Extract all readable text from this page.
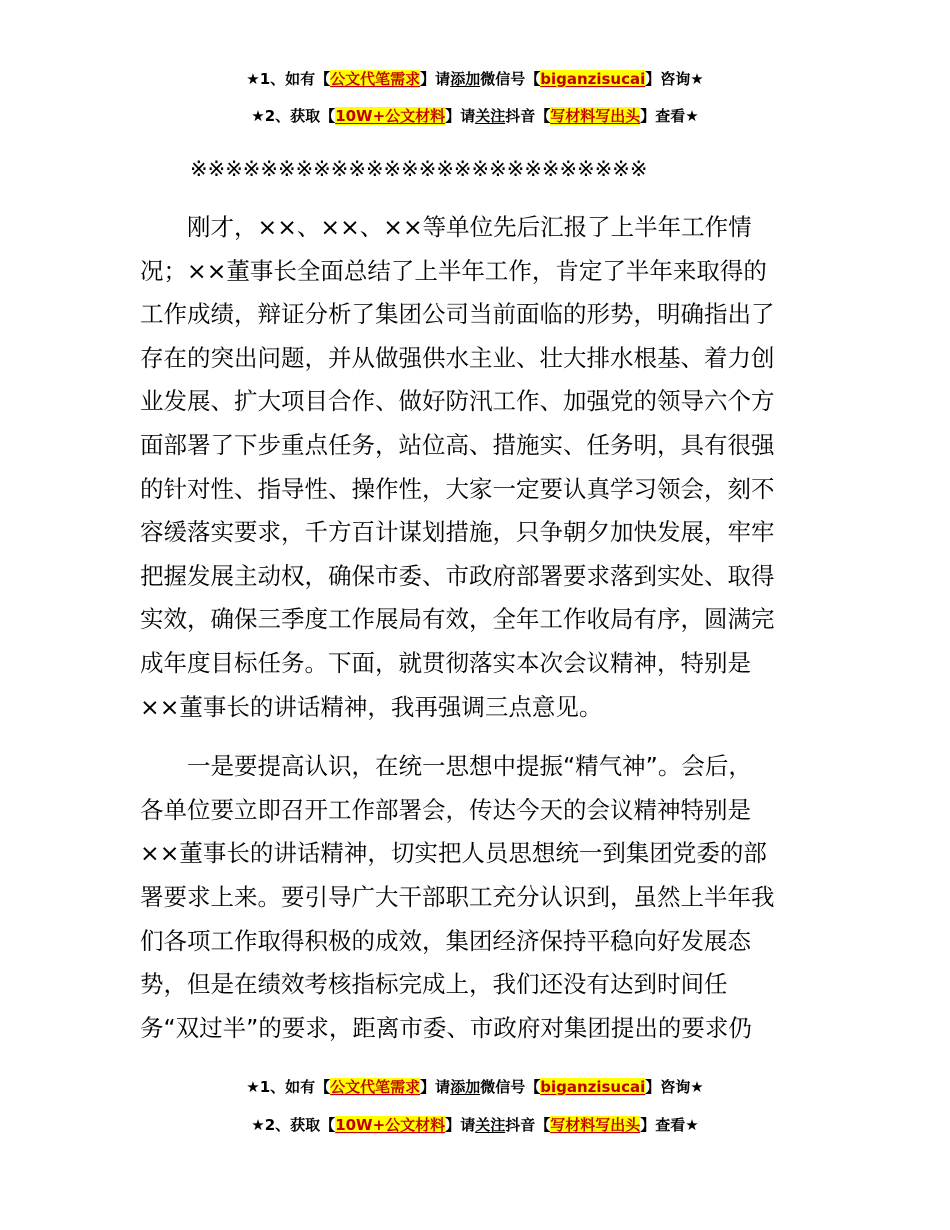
★1、如有【公文代笔需求】请添加微信号【biganzisucai】咨询★
★2、获取【10W+公文材料】请关注抖音【写材料写出头】查看★
※※※※※※※※※※※※※※※※※※※※※※※※※※
刚才，××、××、××等单位先后汇报了上半年工作情
况；××董事长全面总结了上半年工作，肯定了半年来取得的
工作成绩，辩证分析了集团公司当前面临的形势，明确指出了
存在的突出问题，并从做强供水主业、壮大排水根基、着力创
业发展、扩大项目合作、做好防汛工作、加强党的领导六个方
面部署了下步重点任务，站位高、措施实、任务明，具有很强
的针对性、指导性、操作性，大家一定要认真学习领会，刻不
容缓落实要求，千方百计谋划措施，只争朝夕加快发展，牢牢
把握发展主动权，确保市委、市政府部署要求落到实处、取得
实效，确保三季度工作展局有效，全年工作收局有序，圆满完
成年度目标任务。下面，就贯彻落实本次会议精神，特别是
××董事长的讲话精神，我再强调三点意见。
一是要提高认识，在统一思想中提振“精气神”。会后，
各单位要立即召开工作部署会，传达今天的会议精神特别是
××董事长的讲话精神，切实把人员思想统一到集团党委的部
署要求上来。要引导广大干部职工充分认识到，虽然上半年我
们各项工作取得积极的成效，集团经济保持平稳向好发展态
势，但是在绩效考核指标完成上，我们还没有达到时间任
务“双过半”的要求，距离市委、市政府对集团提出的要求仍
★1、如有【公文代笔需求】请添加微信号【biganzisucai】咨询★
★2、获取【10W+公文材料】请关注抖音【写材料写出头】查看★
